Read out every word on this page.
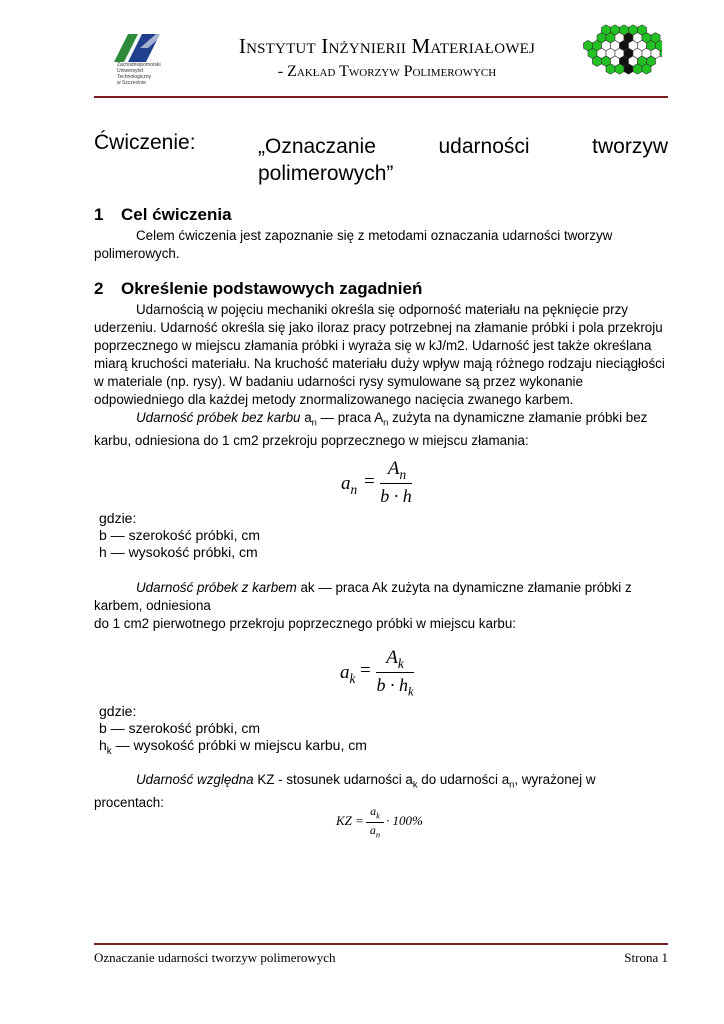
Zachodniopomorski
Uniwersytet
Technologiczny
w Szczecinie
Instytut Inżynierii Materiałowej
- Zakład Tworzyw Polimerowych
Ćwiczenie:	„Oznaczanie udarności tworzyw
polimerowych”
1 Cel ćwiczenia
Celem ćwiczenia jest zapoznanie się z metodami oznaczania udarności tworzyw
polimerowych.
2 Określenie podstawowych zagadnień
Udarnością w pojęciu mechaniki określa się odporność materiału na pęknięcie przy
uderzeniu. Udarność określa się jako iloraz pracy potrzebnej na złamanie próbki i pola przekroju
poprzecznego w miejscu złamania próbki i wyraża się w kJ/m2. Udarność jest także określana
miarą kruchości materiału. Na kruchość materiału duży wpływ mają różnego rodzaju nieciągłości
w materiale (np. rysy). W badaniu udarności rysy symulowane są przez wykonanie
odpowiedniego dla każdej metody znormalizowanego nacięcia zwanego karbem.
Udarność próbek bez karbu $a_n$ — praca $A_n$ zużyta na dynamiczne złamanie próbki bez
karbu, odniesiona do 1 cm2 przekroju poprzecznego w miejscu złamania:
$a_n$ =
$A_n$
b · h
gdzie:
b — szerokość próbki, cm
h — wysokość próbki, cm
Udarność próbek z karbem ak — praca Ak zużyta na dynamiczne złamanie próbki z
karbem, odniesiona
do 1 cm2 pierwotnego przekroju poprzecznego próbki w miejscu karbu:
$a_k$ =
$A_k$
$b \cdot h_k$
gdzie:
b — szerokość próbki, cm
$h_k$ — wysokość próbki w miejscu karbu, cm
Udarność względna KZ - stosunek udarności $a_k$ do udarności $a_n$, wyrażonej w procentach:
KZ =
$a_k$
$a_n$
· 100%
Oznaczanie udarności tworzyw polimerowych	Strona 1
